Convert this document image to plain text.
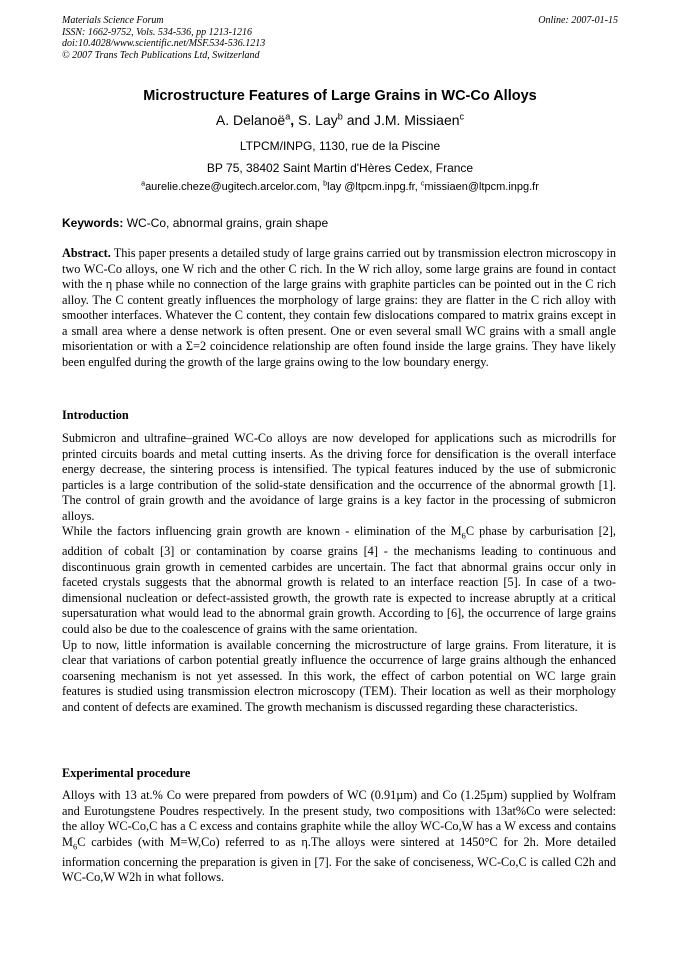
Materials Science Forum
ISSN: 1662-9752, Vols. 534-536, pp 1213-1216
doi:10.4028/www.scientific.net/MSF.534-536.1213
© 2007 Trans Tech Publications Ltd, Switzerland
Online: 2007-01-15
Microstructure Features of Large Grains in WC-Co Alloys
A. Delanoë$^a$, S. Lay$^b$ and J.M. Missiaen$^c$
LTPCM/INPG, 1130, rue de la Piscine
BP 75, 38402 Saint Martin d'Hères Cedex, France
$^a$aurelie.cheze@ugitech.arcelor.com, $^b$lay @ltpcm.inpg.fr, $^c$missiaen@ltpcm.inpg.fr
Keywords: WC-Co, abnormal grains, grain shape

Abstract. This paper presents a detailed study of large grains carried out by transmission electron microscopy in two WC-Co alloys, one W rich and the other C rich. In the W rich alloy, some large grains are found in contact with the η phase while no connection of the large grains with graphite particles can be pointed out in the C rich alloy. The C content greatly influences the morphology of large grains: they are flatter in the C rich alloy with smoother interfaces. Whatever the C content, they contain few dislocations compared to matrix grains except in a small area where a dense network is often present. One or even several small WC grains with a small angle misorientation or with a Σ=2 coincidence relationship are often found inside the large grains. They have likely been engulfed during the growth of the large grains owing to the low boundary energy.

Introduction

Submicron and ultrafine–grained WC-Co alloys are now developed for applications such as microdrills for printed circuits boards and metal cutting inserts. As the driving force for densification is the overall interface energy decrease, the sintering process is intensified. The typical features induced by the use of submicronic particles is a large contribution of the solid-state densification and the occurrence of the abnormal growth [1]. The control of grain growth and the avoidance of large grains is a key factor in the processing of submicron alloys.

While the factors influencing grain growth are known - elimination of the $M_6C$ phase by carburisation [2], addition of cobalt [3] or contamination by coarse grains [4] - the mechanisms leading to continuous and discontinuous grain growth in cemented carbides are uncertain. The fact that abnormal grains occur only in faceted crystals suggests that the abnormal growth is related to an interface reaction [5]. In case of a two-dimensional nucleation or defect-assisted growth, the growth rate is expected to increase abruptly at a critical supersaturation what would lead to the abnormal grain growth. According to [6], the occurrence of large grains could also be due to the coalescence of grains with the same orientation.

Up to now, little information is available concerning the microstructure of large grains. From literature, it is clear that variations of carbon potential greatly influence the occurrence of large grains although the enhanced coarsening mechanism is not yet assessed. In this work, the effect of carbon potential on WC large grain features is studied using transmission electron microscopy (TEM). Their location as well as their morphology and content of defects are examined. The growth mechanism is discussed regarding these characteristics.

Experimental procedure

Alloys with 13 at.% Co were prepared from powders of WC (0.91µm) and Co (1.25µm) supplied by Wolfram and Eurotungstene Poudres respectively. In the present study, two compositions with 13at%Co were selected: the alloy WC-Co,C has a C excess and contains graphite while the alloy WC-Co,W has a W excess and contains $M_6C$ carbides (with M=W,Co) referred to as η.The alloys were sintered at 1450°C for 2h. More detailed information concerning the preparation is given in [7]. For the sake of conciseness, WC-Co,C is called C2h and WC-Co,W W2h in what follows.
